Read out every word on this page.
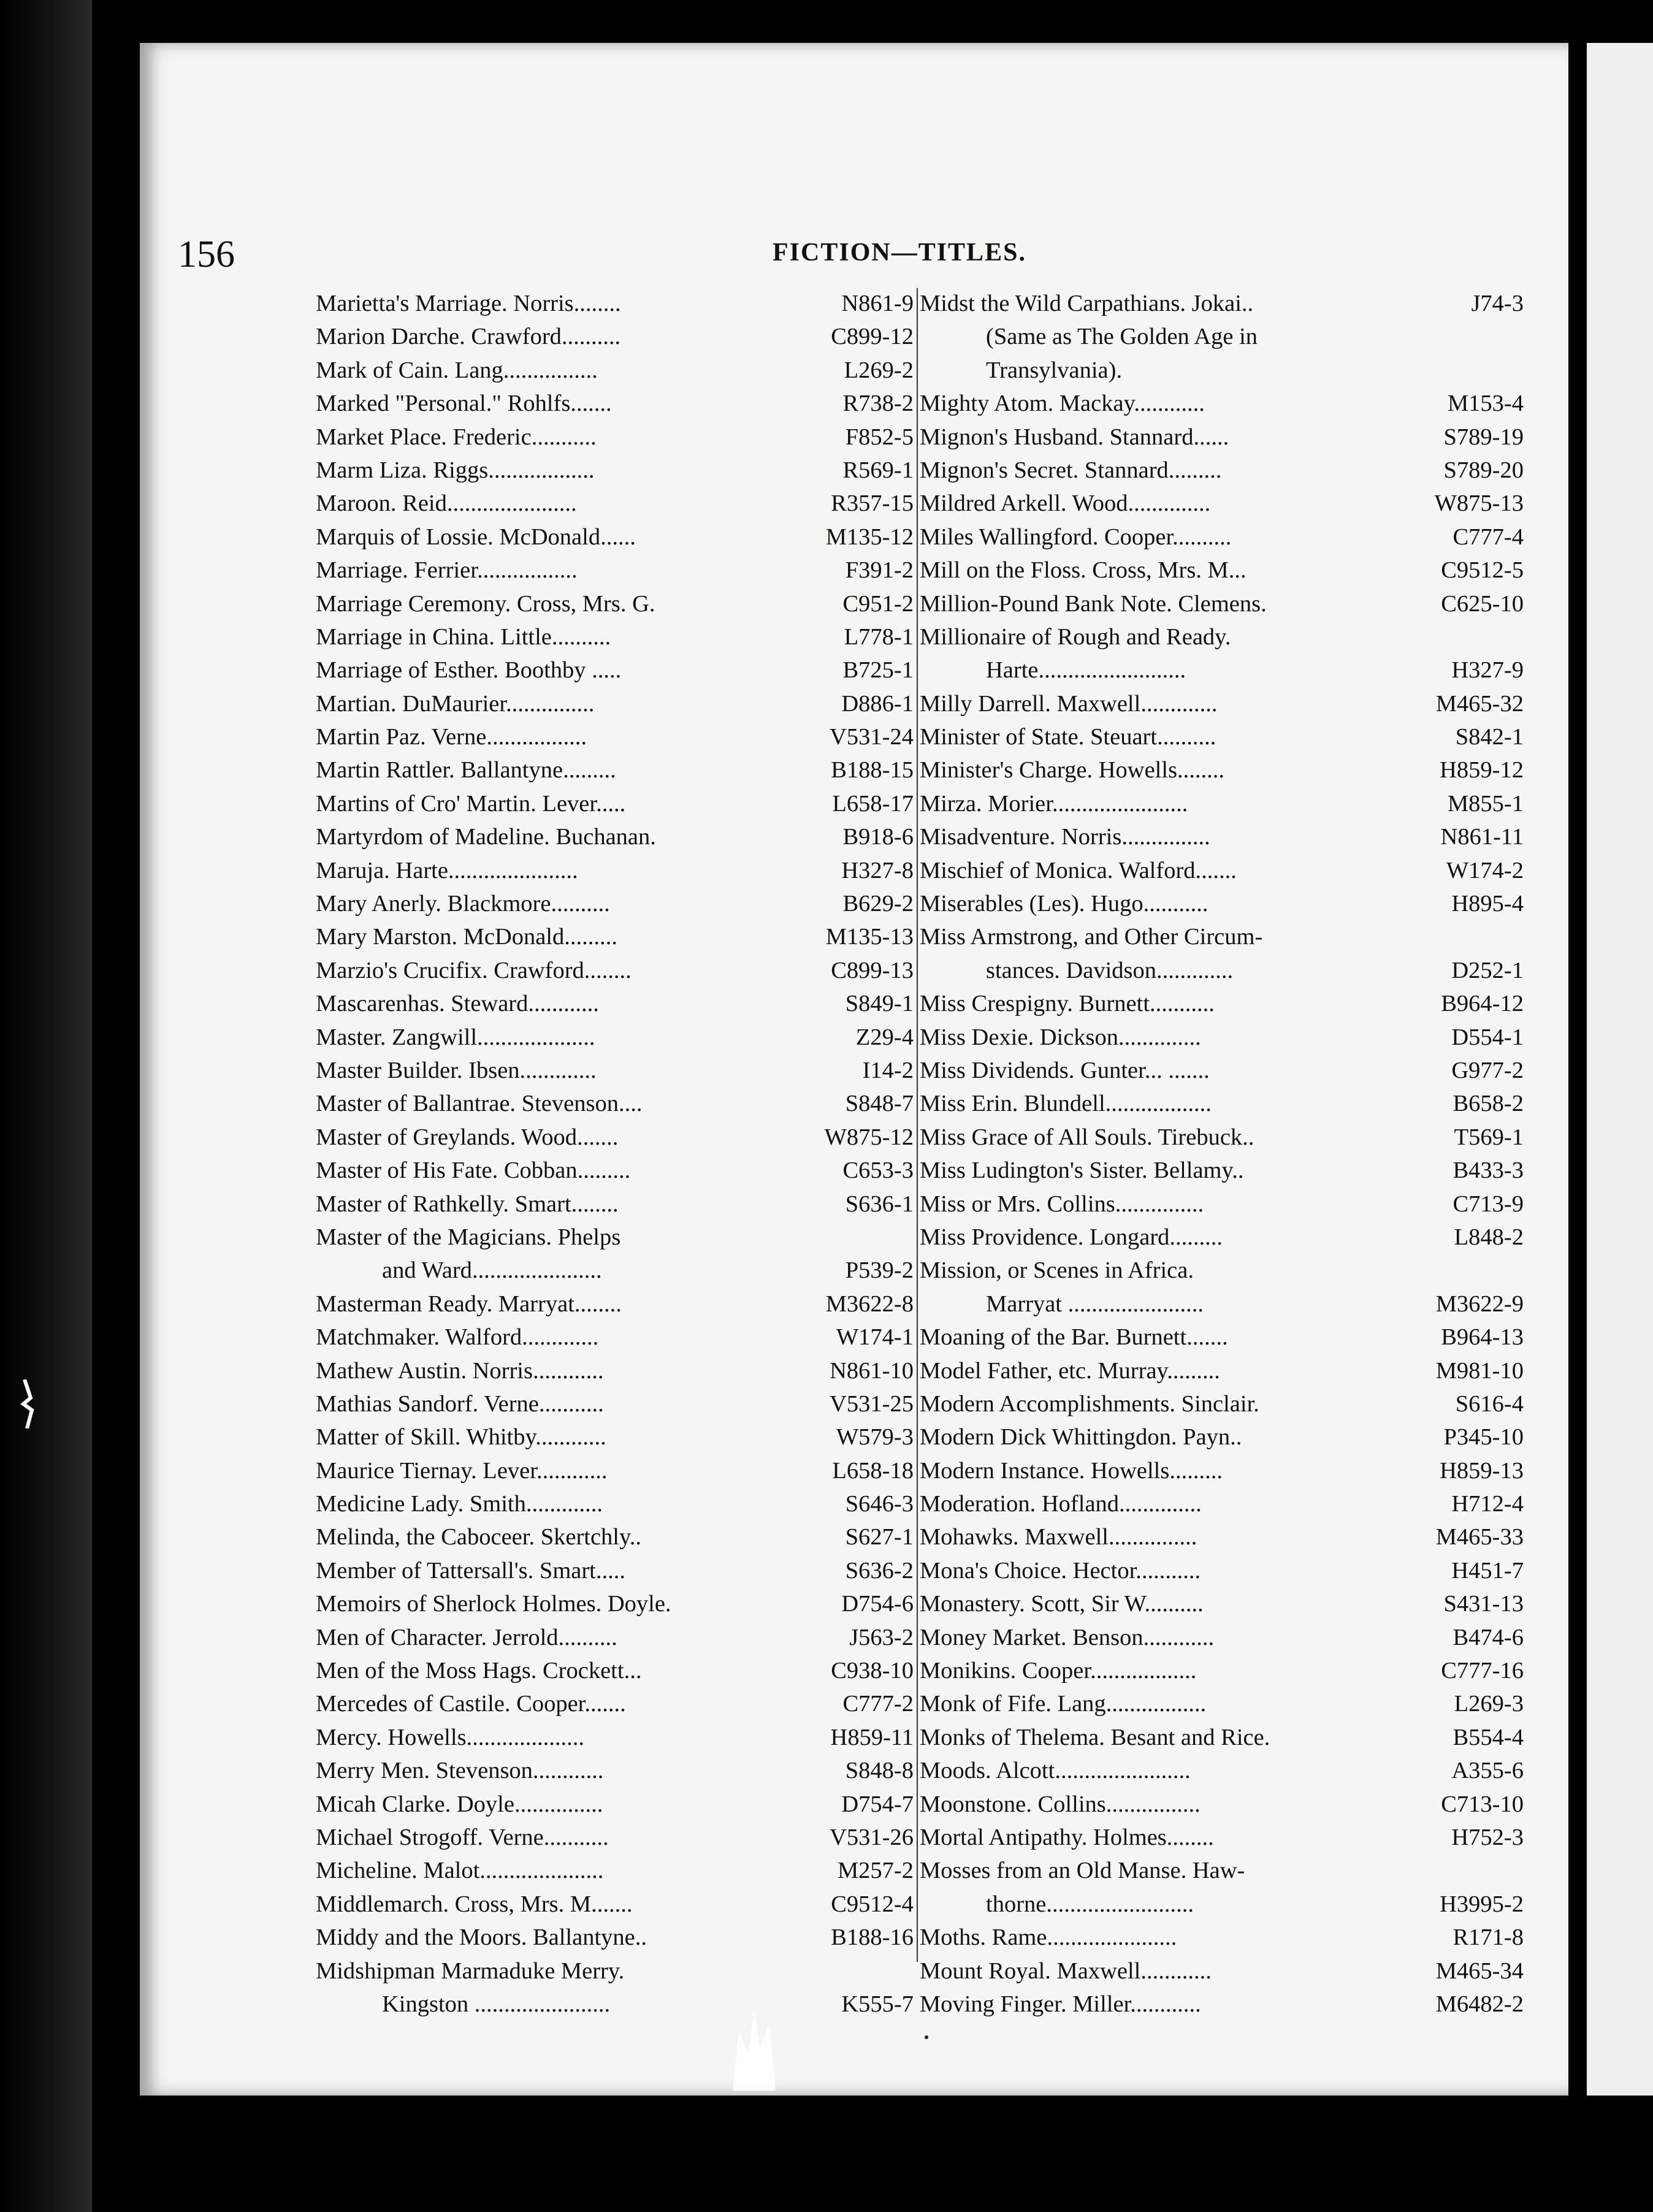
156	FICTION—TITLES.
Marietta's Marriage. Norris........	N861-9
Marion Darche. Crawford..........	C899-12
Mark of Cain. Lang................	L269-2
Marked "Personal." Rohlfs.......	R738-2
Market Place. Frederic...........	F852-5
Marm Liza. Riggs..................	R569-1
Maroon. Reid......................	R357-15
Marquis of Lossie. McDonald......	M135-12
Marriage. Ferrier.................	F391-2
Marriage Ceremony. Cross, Mrs. G.	C951-2
Marriage in China. Little..........	L778-1
Marriage of Esther. Boothby .....	B725-1
Martian. DuMaurier...............	D886-1
Martin Paz. Verne.................	V531-24
Martin Rattler. Ballantyne.........	B188-15
Martins of Cro' Martin. Lever.....	L658-17
Martyrdom of Madeline. Buchanan.	B918-6
Maruja. Harte......................	H327-8
Mary Anerly. Blackmore..........	B629-2
Mary Marston. McDonald.........	M135-13
Marzio's Crucifix. Crawford........	C899-13
Mascarenhas. Steward............	S849-1
Master. Zangwill....................	Z29-4
Master Builder. Ibsen.............	I14-2
Master of Ballantrae. Stevenson....	S848-7
Master of Greylands. Wood.......	W875-12
Master of His Fate. Cobban.........	C653-3
Master of Rathkelly. Smart........	S636-1
Master of the Magicians. Phelps
and Ward......................	P539-2
Masterman Ready. Marryat........	M3622-8
Matchmaker. Walford.............	W174-1
Mathew Austin. Norris............	N861-10
Mathias Sandorf. Verne...........	V531-25
Matter of Skill. Whitby............	W579-3
Maurice Tiernay. Lever............	L658-18
Medicine Lady. Smith.............	S646-3
Melinda, the Caboceer. Skertchly..	S627-1
Member of Tattersall's. Smart.....	S636-2
Memoirs of Sherlock Holmes. Doyle.	D754-6
Men of Character. Jerrold..........	J563-2
Men of the Moss Hags. Crockett...	C938-10
Mercedes of Castile. Cooper.......	C777-2
Mercy. Howells....................	H859-11
Merry Men. Stevenson............	S848-8
Micah Clarke. Doyle...............	D754-7
Michael Strogoff. Verne...........	V531-26
Micheline. Malot.....................	M257-2
Middlemarch. Cross, Mrs. M.......	C9512-4
Middy and the Moors. Ballantyne..	B188-16
Midshipman Marmaduke Merry.
Kingston .......................	K555-7
Midst the Wild Carpathians. Jokai..	J74-3
(Same as The Golden Age in
Transylvania).
Mighty Atom. Mackay............	M153-4
Mignon's Husband. Stannard......	S789-19
Mignon's Secret. Stannard.........	S789-20
Mildred Arkell. Wood..............	W875-13
Miles Wallingford. Cooper..........	C777-4
Mill on the Floss. Cross, Mrs. M...	C9512-5
Million-Pound Bank Note. Clemens.	C625-10
Millionaire of Rough and Ready.
Harte.........................	H327-9
Milly Darrell. Maxwell.............	M465-32
Minister of State. Steuart..........	S842-1
Minister's Charge. Howells........	H859-12
Mirza. Morier.......................	M855-1
Misadventure. Norris...............	N861-11
Mischief of Monica. Walford.......	W174-2
Miserables (Les). Hugo...........	H895-4
Miss Armstrong, and Other Circum-
stances. Davidson.............	D252-1
Miss Crespigny. Burnett...........	B964-12
Miss Dexie. Dickson..............	D554-1
Miss Dividends. Gunter... .......	G977-2
Miss Erin. Blundell..................	B658-2
Miss Grace of All Souls. Tirebuck..	T569-1
Miss Ludington's Sister. Bellamy..	B433-3
Miss or Mrs. Collins...............	C713-9
Miss Providence. Longard.........	L848-2
Mission, or Scenes in Africa.
Marryat .......................	M3622-9
Moaning of the Bar. Burnett.......	B964-13
Model Father, etc. Murray.........	M981-10
Modern Accomplishments. Sinclair.	S616-4
Modern Dick Whittingdon. Payn..	P345-10
Modern Instance. Howells.........	H859-13
Moderation. Hofland..............	H712-4
Mohawks. Maxwell...............	M465-33
Mona's Choice. Hector...........	H451-7
Monastery. Scott, Sir W..........	S431-13
Money Market. Benson............	B474-6
Monikins. Cooper..................	C777-16
Monk of Fife. Lang.................	L269-3
Monks of Thelema. Besant and Rice.	B554-4
Moods. Alcott.......................	A355-6
Moonstone. Collins................	C713-10
Mortal Antipathy. Holmes........	H752-3
Mosses from an Old Manse. Haw-
thorne.........................	H3995-2
Moths. Rame......................	R171-8
Mount Royal. Maxwell............	M465-34
Moving Finger. Miller............	M6482-2
